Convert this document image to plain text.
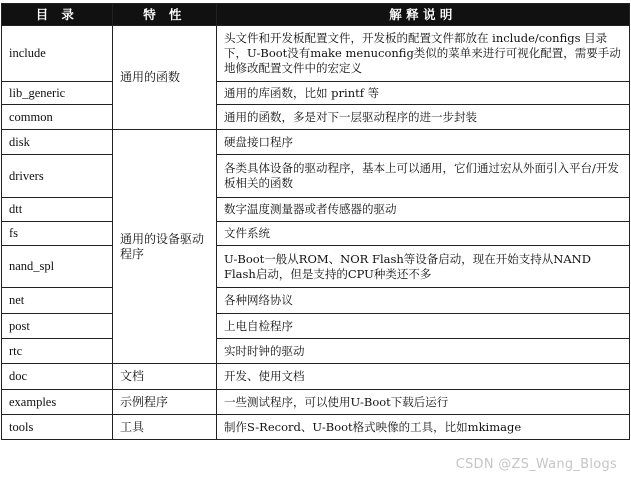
目 录	特 性	解释说明
include	通用的函数	头文件和开发板配置文件，开发板的配置文件都放在 include/configs 目录下，U-Boot没有make menuconfig类似的菜单来进行可视化配置，需要手动地修改配置文件中的宏定义
lib_generic		通用的库函数，比如 printf 等
common		通用的函数，多是对下一层驱动程序的进一步封装
disk	通用的设备驱动程序	硬盘接口程序
drivers		各类具体设备的驱动程序，基本上可以通用，它们通过宏从外面引入平台/开发板相关的函数
dtt		数字温度测量器或者传感器的驱动
fs		文件系统
nand_spl		U-Boot一般从ROM、NOR Flash等设备启动，现在开始支持从NAND Flash启动，但是支持的CPU种类还不多
net		各种网络协议
post		上电自检程序
rtc		实时时钟的驱动
doc	文档	开发、使用文档
examples	示例程序	一些测试程序，可以使用U-Boot下载后运行
tools	工具	制作S-Record、U-Boot格式映像的工具，比如mkimage
CSDN @ZS_Wang_Blogs
